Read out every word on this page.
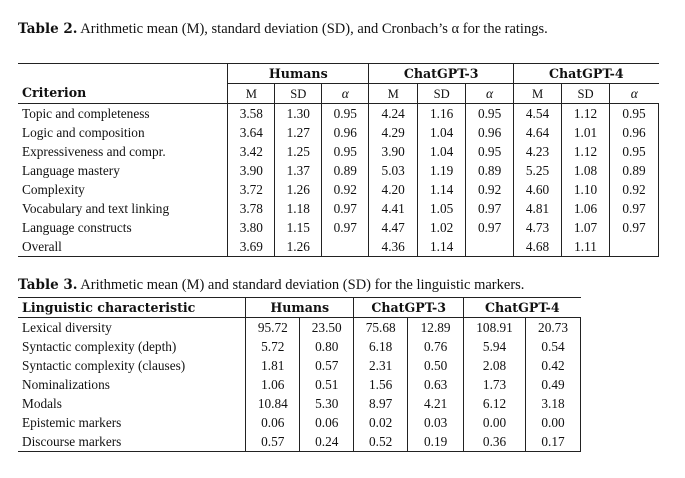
Table 2. Arithmetic mean (M), standard deviation (SD), and Cronbach’s α for the ratings.
	Humans			ChatGPT-3			ChatGPT-4		
Criterion	M	SD	α	M	SD	α	M	SD	α
Topic and completeness	3.58	1.30	0.95	4.24	1.16	0.95	4.54	1.12	0.95
Logic and composition	3.64	1.27	0.96	4.29	1.04	0.96	4.64	1.01	0.96
Expressiveness and compr.	3.42	1.25	0.95	3.90	1.04	0.95	4.23	1.12	0.95
Language mastery	3.90	1.37	0.89	5.03	1.19	0.89	5.25	1.08	0.89
Complexity	3.72	1.26	0.92	4.20	1.14	0.92	4.60	1.10	0.92
Vocabulary and text linking	3.78	1.18	0.97	4.41	1.05	0.97	4.81	1.06	0.97
Language constructs	3.80	1.15	0.97	4.47	1.02	0.97	4.73	1.07	0.97
Overall	3.69	1.26		4.36	1.14		4.68	1.11	
Table 3. Arithmetic mean (M) and standard deviation (SD) for the linguistic markers.
Linguistic characteristic	Humans		ChatGPT-3		ChatGPT-4	
Lexical diversity	95.72	23.50	75.68	12.89	108.91	20.73
Syntactic complexity (depth)	5.72	0.80	6.18	0.76	5.94	0.54
Syntactic complexity (clauses)	1.81	0.57	2.31	0.50	2.08	0.42
Nominalizations	1.06	0.51	1.56	0.63	1.73	0.49
Modals	10.84	5.30	8.97	4.21	6.12	3.18
Epistemic markers	0.06	0.06	0.02	0.03	0.00	0.00
Discourse markers	0.57	0.24	0.52	0.19	0.36	0.17
